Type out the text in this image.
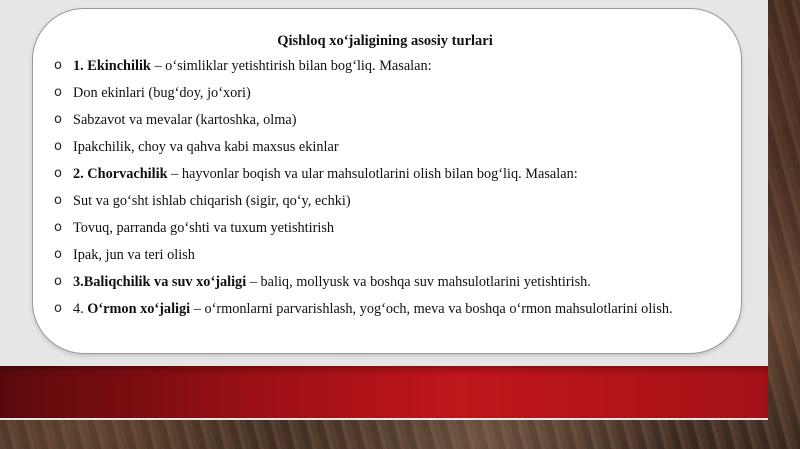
Qishloq xo‘jaligining asosiy turlari
o 1. Ekinchilik – o‘simliklar yetishtirish bilan bog‘liq. Masalan:
o Don ekinlari (bug‘doy, jo‘xori)
o Sabzavot va mevalar (kartoshka, olma)
o Ipakchilik, choy va qahva kabi maxsus ekinlar
o 2. Chorvachilik – hayvonlar boqish va ular mahsulotlarini olish bilan bog‘liq. Masalan:
o Sut va go‘sht ishlab chiqarish (sigir, qo‘y, echki)
o Tovuq, parranda go‘shti va tuxum yetishtirish
o Ipak, jun va teri olish
o 3.Baliqchilik va suv xo‘jaligi – baliq, mollyusk va boshqa suv mahsulotlarini yetishtirish.
o 4. O‘rmon xo‘jaligi – o‘rmonlarni parvarishlash, yog‘och, meva va boshqa o‘rmon mahsulotlarini olish.
